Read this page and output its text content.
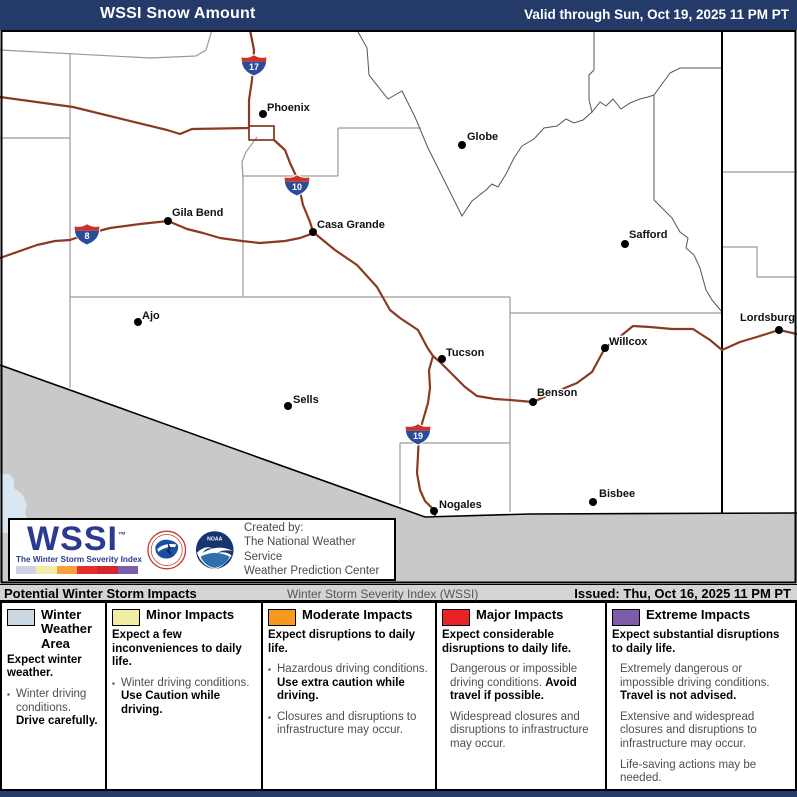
WSSI Snow Amount	Valid through Sun, Oct 19, 2025 11 PM PT
17
10
8
19
Phoenix
Globe
Gila Bend
Casa Grande
Safford
Ajo
Tucson
Willcox
Lordsburg
Sells
Benson
Nogales
Bisbee
WSSI™
The Winter Storm Severity Index
NOAA
Created by:
The National Weather Service
Weather Prediction Center
Potential Winter Storm Impacts	Winter Storm Severity Index (WSSI)	Issued: Thu, Oct 16, 2025 11 PM PT
Winter Weather Area
Expect winter weather.
▪ Winter driving conditions. Drive carefully.
Minor Impacts
Expect a few inconveniences to daily life.
▪ Winter driving conditions. Use Caution while driving.
Moderate Impacts
Expect disruptions to daily life.
▪ Hazardous driving conditions. Use extra caution while driving.
▪ Closures and disruptions to infrastructure may occur.
Major Impacts
Expect considerable disruptions to daily life.
Dangerous or impossible driving conditions. Avoid travel if possible.
Widespread closures and disruptions to infrastructure may occur.
Extreme Impacts
Expect substantial disruptions to daily life.
Extremely dangerous or impossible driving conditions. Travel is not advised.
Extensive and widespread closures and disruptions to infrastructure may occur.
Life-saving actions may be needed.
